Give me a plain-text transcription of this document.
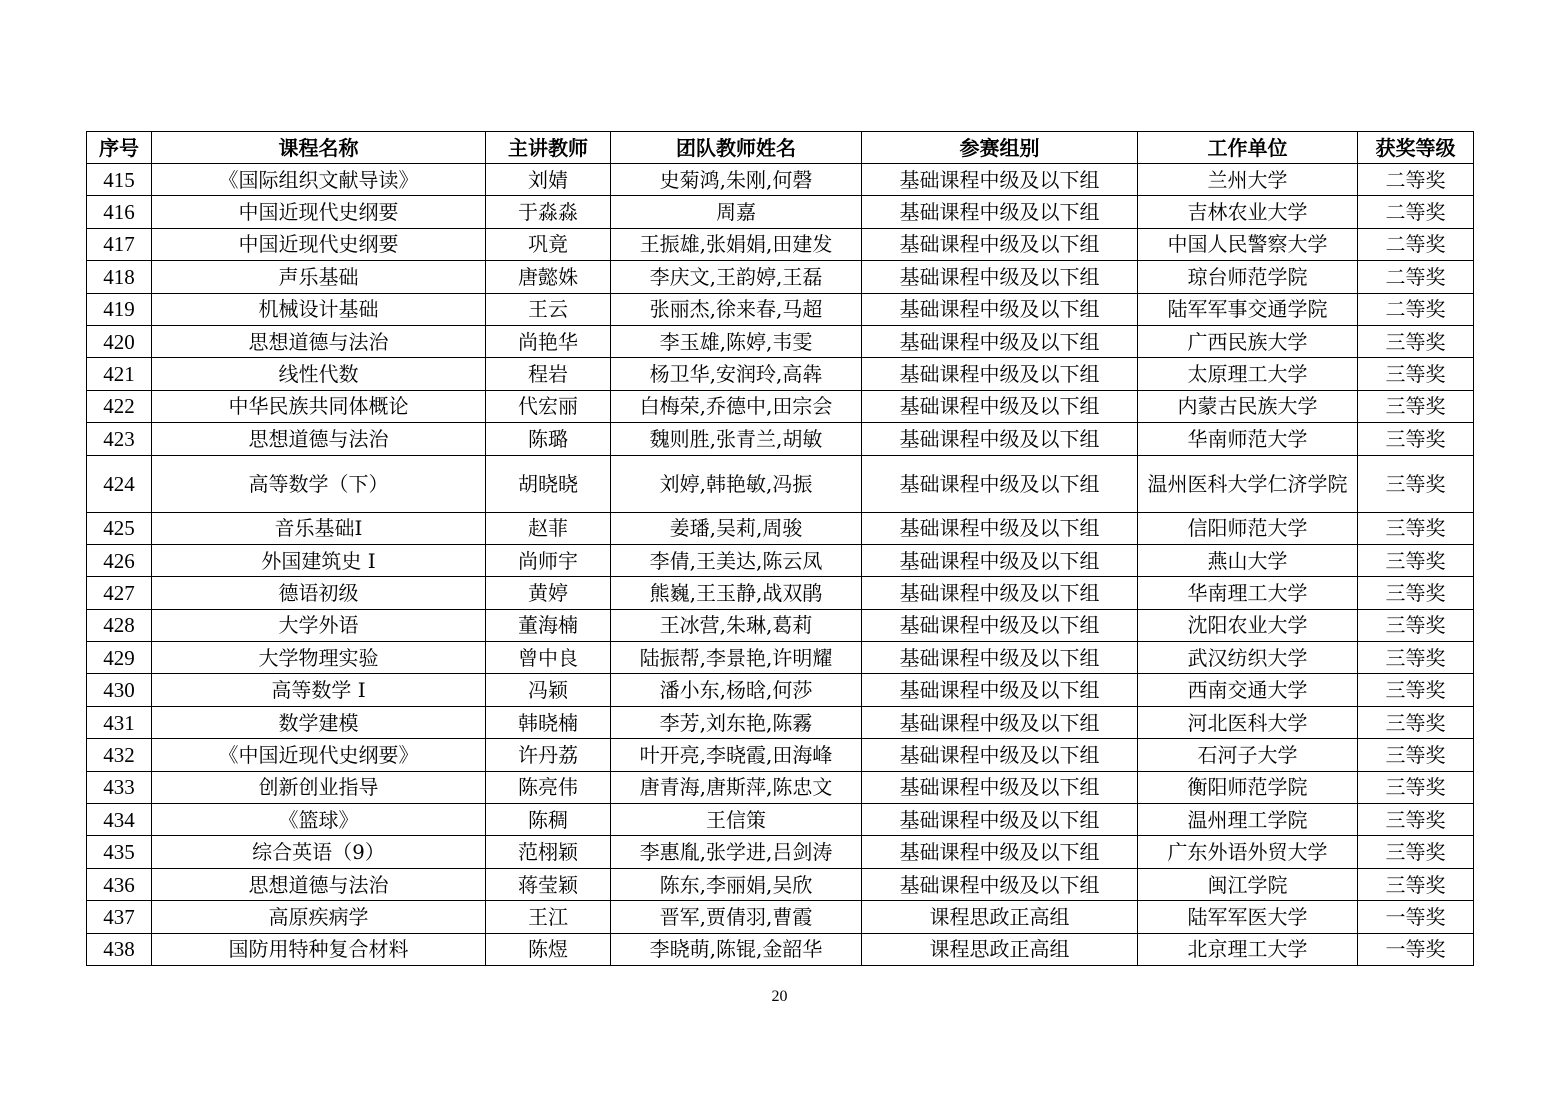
序号	课程名称	主讲教师	团队教师姓名	参赛组别	工作单位	获奖等级
415	《国际组织文献导读》	刘婧	史菊鸿,朱刚,何磬	基础课程中级及以下组	兰州大学	二等奖
416	中国近现代史纲要	于淼淼	周嘉	基础课程中级及以下组	吉林农业大学	二等奖
417	中国近现代史纲要	巩竟	王振雄,张娟娟,田建发	基础课程中级及以下组	中国人民警察大学	二等奖
418	声乐基础	唐懿姝	李庆文,王韵婷,王磊	基础课程中级及以下组	琼台师范学院	二等奖
419	机械设计基础	王云	张丽杰,徐来春,马超	基础课程中级及以下组	陆军军事交通学院	二等奖
420	思想道德与法治	尚艳华	李玉雄,陈婷,韦雯	基础课程中级及以下组	广西民族大学	三等奖
421	线性代数	程岩	杨卫华,安润玲,高犇	基础课程中级及以下组	太原理工大学	三等奖
422	中华民族共同体概论	代宏丽	白梅荣,乔德中,田宗会	基础课程中级及以下组	内蒙古民族大学	三等奖
423	思想道德与法治	陈璐	魏则胜,张青兰,胡敏	基础课程中级及以下组	华南师范大学	三等奖
424	高等数学（下）	胡晓晓	刘婷,韩艳敏,冯振	基础课程中级及以下组	温州医科大学仁济学院	三等奖
425	音乐基础I	赵菲	姜璠,吴莉,周骏	基础课程中级及以下组	信阳师范大学	三等奖
426	外国建筑史 I	尚师宇	李倩,王美达,陈云凤	基础课程中级及以下组	燕山大学	三等奖
427	德语初级	黄婷	熊巍,王玉静,战双鹃	基础课程中级及以下组	华南理工大学	三等奖
428	大学外语	董海楠	王冰营,朱琳,葛莉	基础课程中级及以下组	沈阳农业大学	三等奖
429	大学物理实验	曾中良	陆振帮,李景艳,许明耀	基础课程中级及以下组	武汉纺织大学	三等奖
430	高等数学 I	冯颖	潘小东,杨晗,何莎	基础课程中级及以下组	西南交通大学	三等奖
431	数学建模	韩晓楠	李芳,刘东艳,陈霧	基础课程中级及以下组	河北医科大学	三等奖
432	《中国近现代史纲要》	许丹荔	叶开亮,李晓霞,田海峰	基础课程中级及以下组	石河子大学	三等奖
433	创新创业指导	陈亮伟	唐青海,唐斯萍,陈忠文	基础课程中级及以下组	衡阳师范学院	三等奖
434	《篮球》	陈稠	王信策	基础课程中级及以下组	温州理工学院	三等奖
435	综合英语（9）	范栩颖	李惠胤,张学进,吕剑涛	基础课程中级及以下组	广东外语外贸大学	三等奖
436	思想道德与法治	蒋莹颖	陈东,李丽娟,吴欣	基础课程中级及以下组	闽江学院	三等奖
437	高原疾病学	王江	晋军,贾倩羽,曹霞	课程思政正高组	陆军军医大学	一等奖
438	国防用特种复合材料	陈煜	李晓萌,陈锟,金韶华	课程思政正高组	北京理工大学	一等奖
20
